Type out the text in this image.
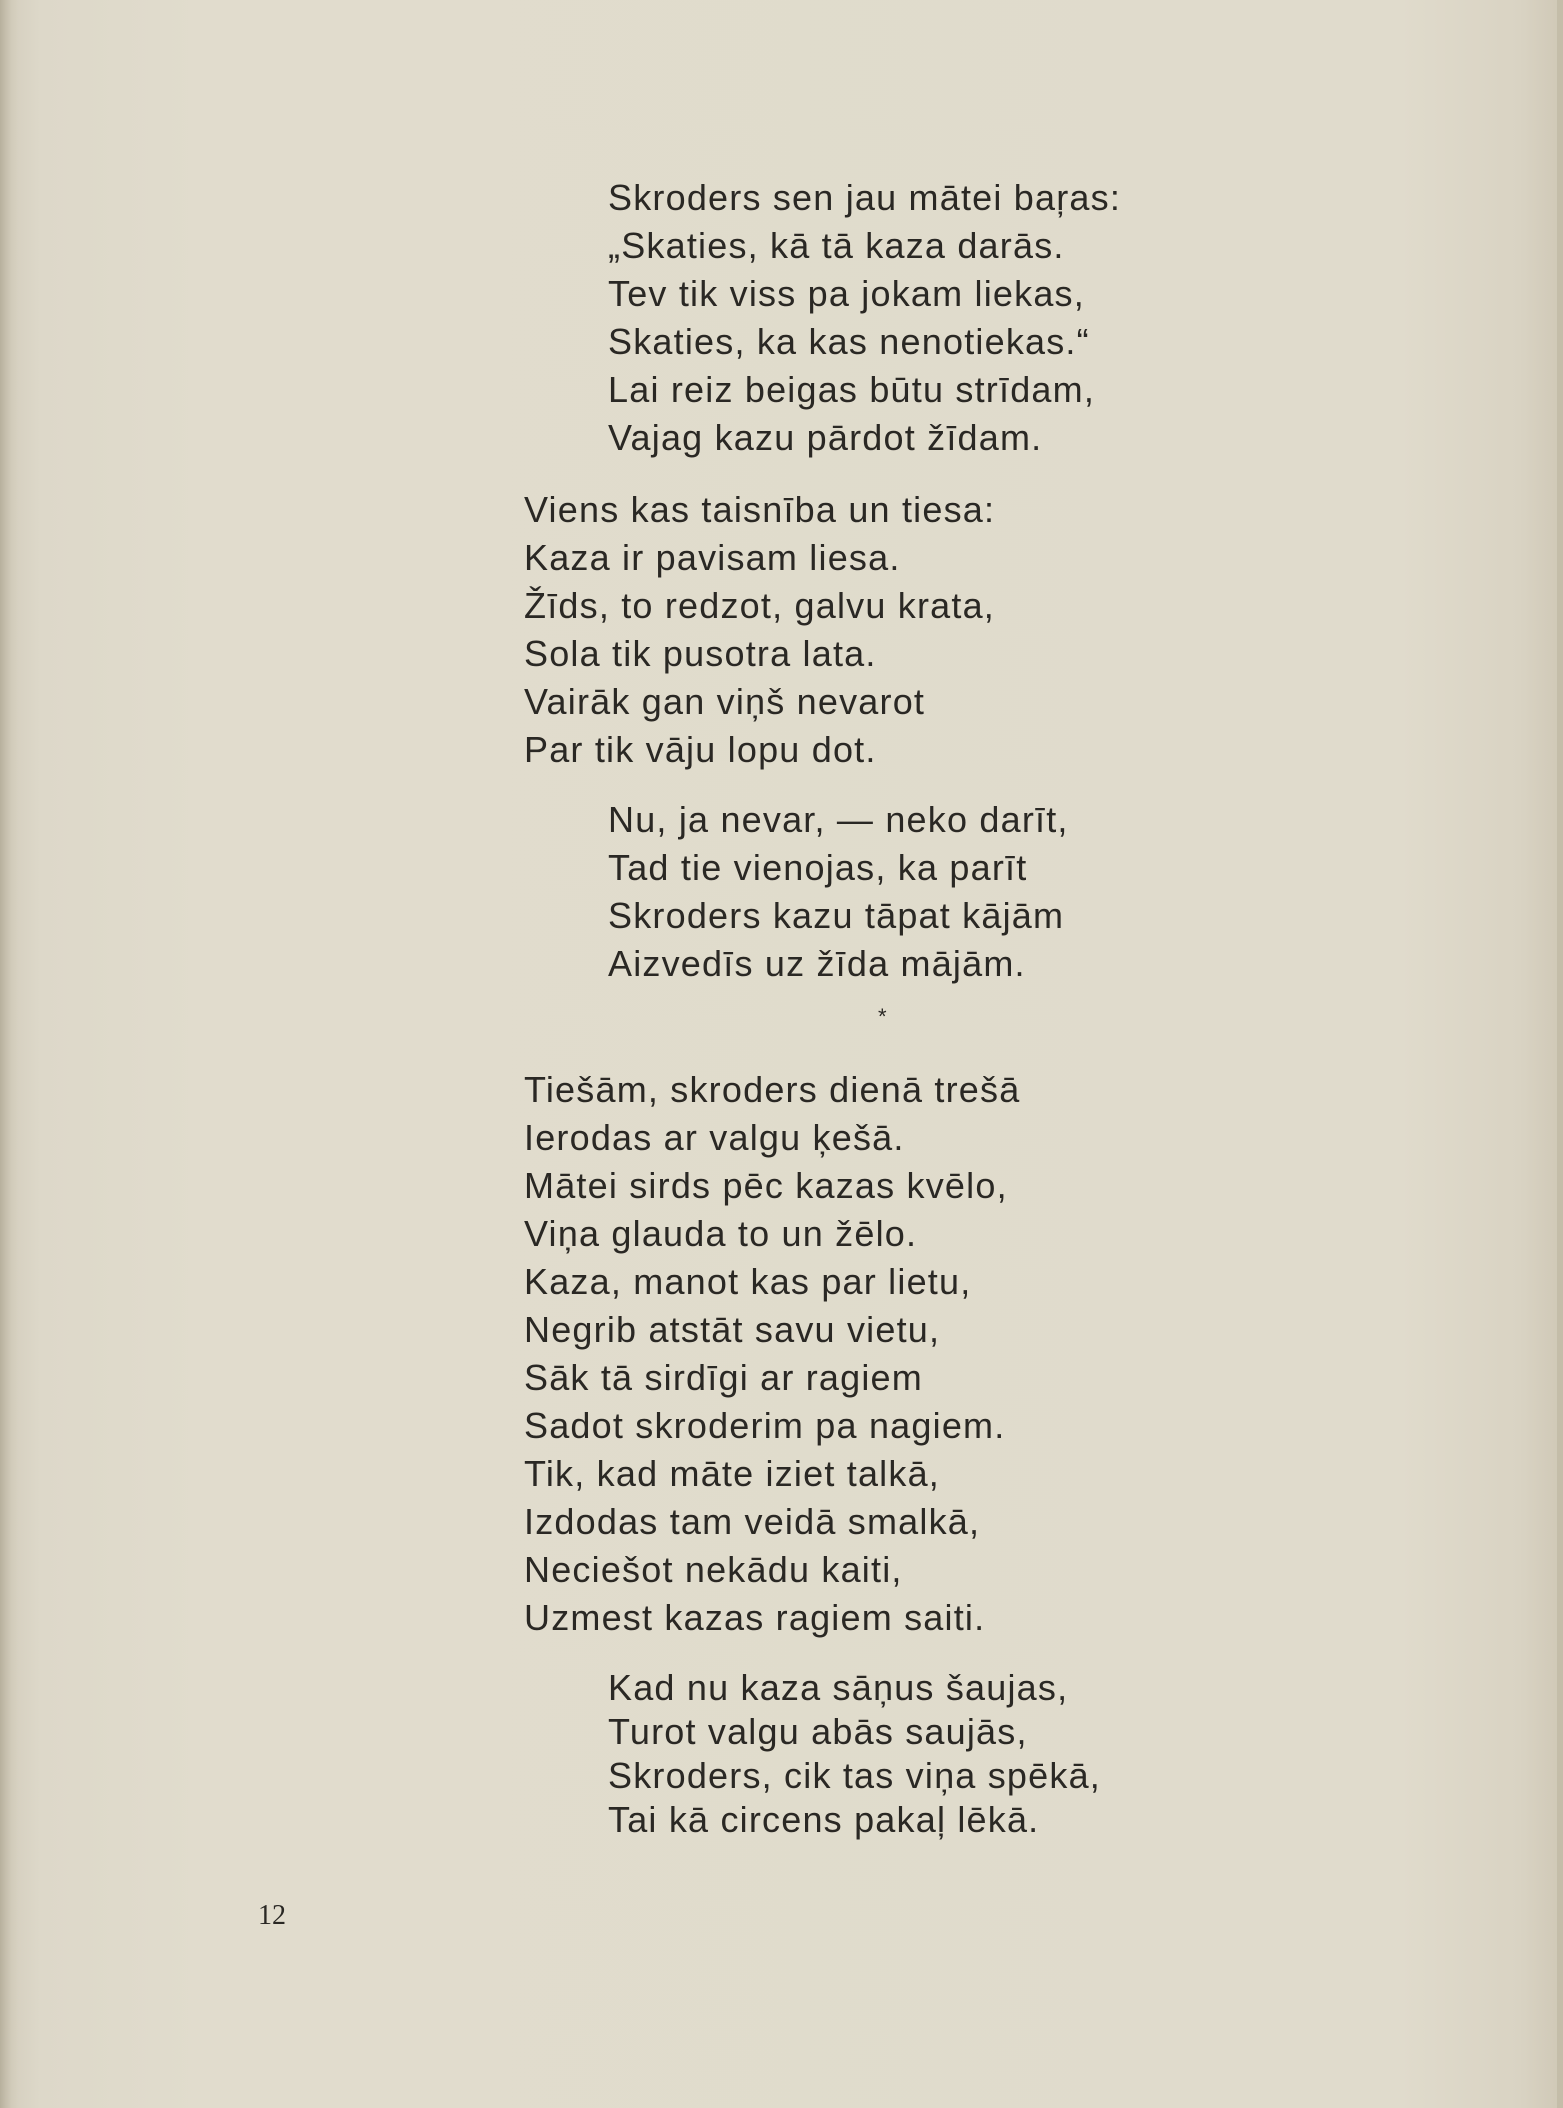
Skroders sen jau mātei baŗas:
„Skaties, kā tā kaza darās.
Tev tik viss pa jokam liekas,
Skaties, ka kas nenotiekas.“
Lai reiz beigas būtu strīdam,
Vajag kazu pārdot žīdam.
Viens kas taisnība un tiesa:
Kaza ir pavisam liesa.
Žīds, to redzot, galvu krata,
Sola tik pusotra lata.
Vairāk gan viņš nevarot
Par tik vāju lopu dot.
Nu, ja nevar, — neko darīt,
Tad tie vienojas, ka parīt
Skroders kazu tāpat kājām
Aizvedīs uz žīda mājām.
*
Tiešām, skroders dienā trešā
Ierodas ar valgu ķešā.
Mātei sirds pēc kazas kvēlo,
Viņa glauda to un žēlo.
Kaza, manot kas par lietu,
Negrib atstāt savu vietu,
Sāk tā sirdīgi ar ragiem
Sadot skroderim pa nagiem.
Tik, kad māte iziet talkā,
Izdodas tam veidā smalkā,
Neciešot nekādu kaiti,
Uzmest kazas ragiem saiti.
Kad nu kaza sāņus šaujas,
Turot valgu abās saujās,
Skroders, cik tas viņa spēkā,
Tai kā circens pakaļ lēkā.
12
